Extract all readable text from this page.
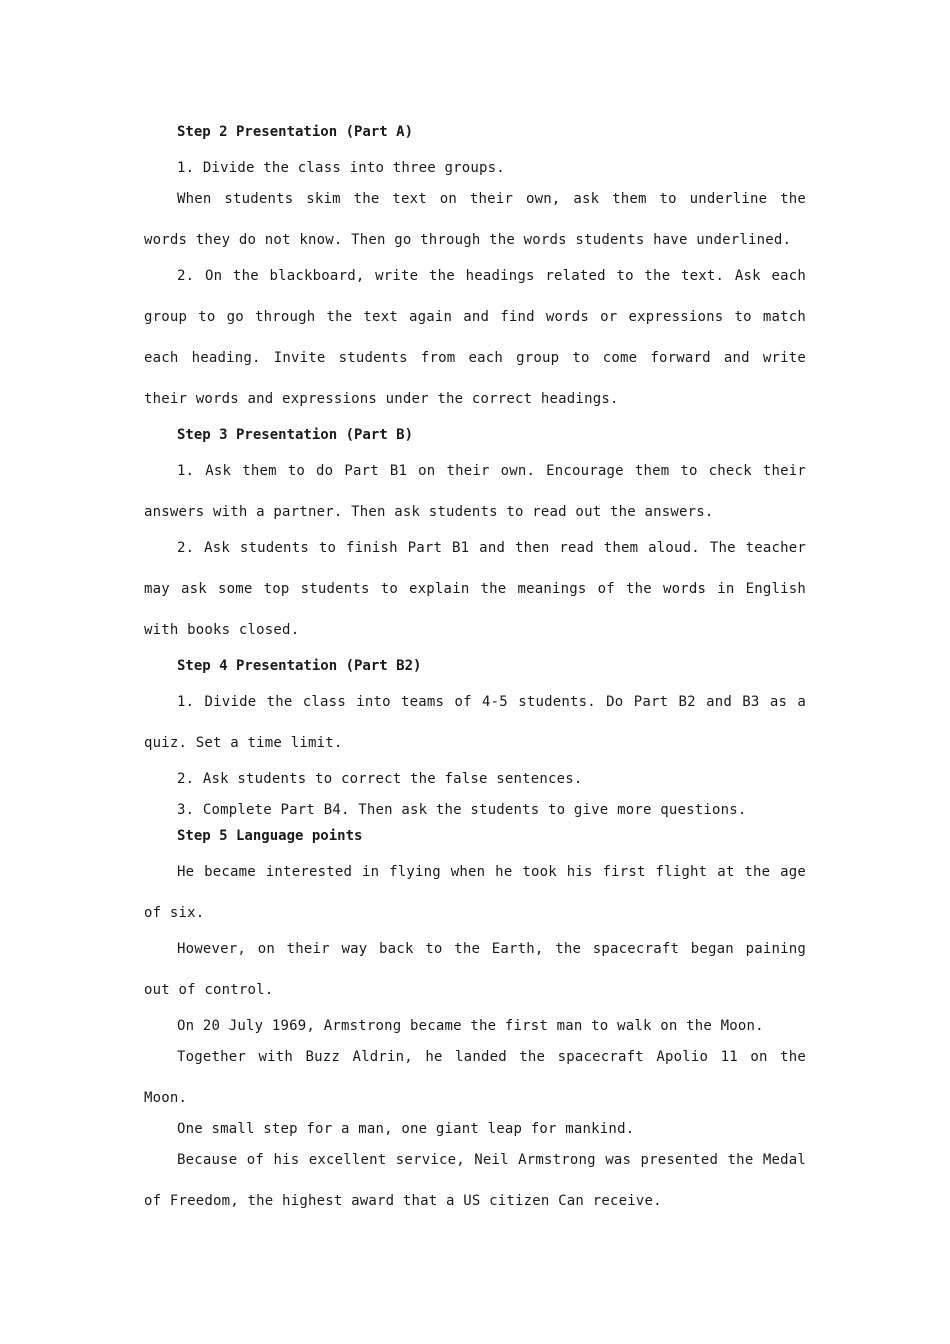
Step 2 Presentation (Part A)

1. Divide the class into three groups.

When students skim the text on their own, ask them to underline the words they do not know. Then go through the words students have underlined.

2. On the blackboard, write the headings related to the text. Ask each group to go through the text again and find words or expressions to match each heading. Invite students from each group to come forward and write their words and expressions under the correct headings.

Step 3 Presentation (Part B)

1. Ask them to do Part B1 on their own. Encourage them to check their answers with a partner. Then ask students to read out the answers.

2. Ask students to finish Part B1 and then read them aloud. The teacher may ask some top students to explain the meanings of the words in English with books closed.

Step 4 Presentation (Part B2)

1. Divide the class into teams of 4-5 students. Do Part B2 and B3 as a quiz. Set a time limit.

2. Ask students to correct the false sentences.

3. Complete Part B4. Then ask the students to give more questions.

Step 5 Language points

He became interested in flying when he took his first flight at the age of six.

However, on their way back to the Earth, the spacecraft began paining out of control.

On 20 July 1969, Armstrong became the first man to walk on the Moon.

Together with Buzz Aldrin, he landed the spacecraft Apolio 11 on the Moon.

One small step for a man, one giant leap for mankind.

Because of his excellent service, Neil Armstrong was presented the Medal of Freedom, the highest award that a US citizen Can receive.
